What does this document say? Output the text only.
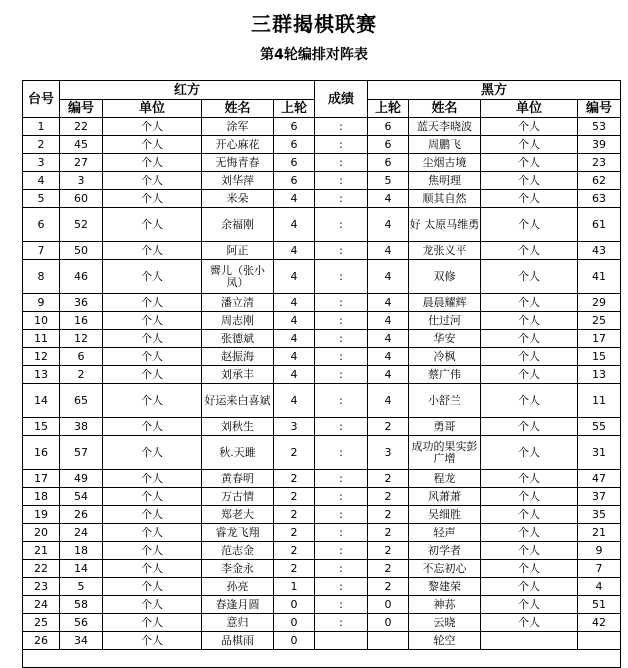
三群揭棋联赛
第4轮编排对阵表
台号	红方				成绩	黑方			
	编号	单位	姓名	上轮		上轮	姓名	单位	编号
1	22	个人	涂军	6	:	6	蓝天李晓波	个人	53
2	45	个人	开心麻花	6	:	6	周鹏飞	个人	39
3	27	个人	无悔青春	6	:	6	尘烟古境	个人	23
4	3	个人	刘华萍	6	:	5	焦明理	个人	62
5	60	个人	米朵	4	:	4	顺其自然	个人	63
6	52	个人	余福刚	4	:	4	好 太原马维勇	个人	61
7	50	个人	阿正	4	:	4	龙张义平	个人	43
8	46	个人	霽儿（张小凤）	4	:	4	双修	个人	41
9	36	个人	潘立清	4	:	4	晨晨耀辉	个人	29
10	16	个人	周志刚	4	:	4	仕过河	个人	25
11	12	个人	张德斌	4	:	4	华安	个人	17
12	6	个人	赵振海	4	:	4	冷枫	个人	15
13	2	个人	刘承丰	4	:	4	蔡广伟	个人	13
14	65	个人	好运来白喜斌	4	:	4	小舒兰	个人	11
15	38	个人	刘秋生	3	:	2	勇哥	个人	55
16	57	个人	秋.天雎	2	:	3	成功的果实彭广增	个人	31
17	49	个人	黄春明	2	:	2	程龙	个人	47
18	54	个人	万古情	2	:	2	风萧萧	个人	37
19	26	个人	郑老大	2	:	2	吴细胜	个人	35
20	24	个人	睿龙飞翔	2	:	2	轻声	个人	21
21	18	个人	范志金	2	:	2	初学者	个人	9
22	14	个人	李金永	2	:	2	不忘初心	个人	7
23	5	个人	孙亮	1	:	2	黎建荣	个人	4
24	58	个人	春逢月圆	0	:	0	神荪	个人	51
25	56	个人	意归	0	:	0	云晓	个人	42
26	34	个人	品棋雨	0			轮空		
